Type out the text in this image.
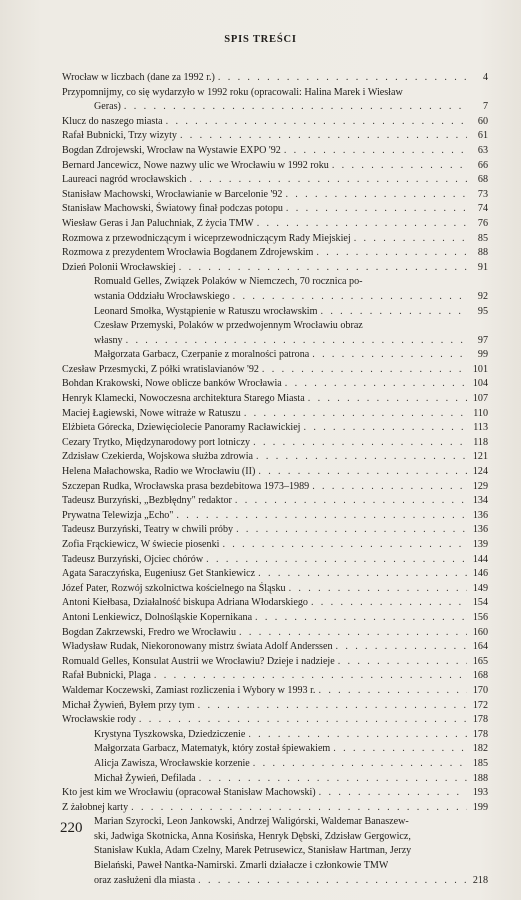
SPIS TREŚCI
Wrocław w liczbach (dane za 1992 r.) . . .	4
Przypomnijmy, co się wydarzyło w 1992 roku (opracowali: Halina Marek i Wiesław
Geras) . . .	7
Klucz do naszego miasta . . .	60
Rafał Bubnicki, Trzy wizyty . . .	61
Bogdan Zdrojewski, Wrocław na Wystawie EXPO '92 . . .	63
Bernard Jancewicz, Nowe nazwy ulic we Wrocławiu w 1992 roku . . .	66
Laureaci nagród wrocławskich . . .	68
Stanisław Machowski, Wrocławianie w Barcelonie '92 . . .	73
Stanisław Machowski, Światowy finał podczas potopu . . .	74
Wiesław Geras i Jan Paluchniak, Z życia TMW . . .	76
Rozmowa z przewodniczącym i wiceprzewodniczącym Rady Miejskiej . . .	85
Rozmowa z prezydentem Wrocławia Bogdanem Zdrojewskim . . .	88
Dzień Polonii Wrocławskiej . . .	91
Romuald Gelles, Związek Polaków w Niemczech, 70 rocznica po-
wstania Oddziału Wrocławskiego . . .	92
Leonard Smołka, Wystąpienie w Ratuszu wrocławskim . . .	95
Czesław Przemyski, Polaków w przedwojennym Wrocławiu obraz
własny . . .	97
Małgorzata Garbacz, Czerpanie z moralności patrona . . .	99
Czesław Przesmycki, Z półki wratislavianów '92 . . .	101
Bohdan Krakowski, Nowe oblicze banków Wrocławia . . .	104
Henryk Klamecki, Nowoczesna architektura Starego Miasta . . .	107
Maciej Łagiewski, Nowe witraże w Ratuszu . . .	110
Elżbieta Górecka, Dziewięciolecie Panoramy Racławickiej . . .	113
Cezary Trytko, Międzynarodowy port lotniczy . . .	118
Zdzisław Czekierda, Wojskowa służba zdrowia . . .	121
Helena Małachowska, Radio we Wrocławiu (II) . . .	124
Szczepan Rudka, Wrocławska prasa bezdebitowa 1973–1989 . . .	129
Tadeusz Burzyński, „Bezbłędny" redaktor . . .	134
Prywatna Telewizja „Echo" . . .	136
Tadeusz Burzyński, Teatry w chwili próby . . .	136
Zofia Frąckiewicz, W świecie piosenki . . .	139
Tadeusz Burzyński, Ojciec chórów . . .	144
Agata Saraczyńska, Eugeniusz Get Stankiewicz . . .	146
Józef Pater, Rozwój szkolnictwa kościelnego na Śląsku . . .	149
Antoni Kiełbasa, Działalność biskupa Adriana Włodarskiego . . .	154
Antoni Lenkiewicz, Dolnośląskie Kopernikana . . .	156
Bogdan Zakrzewski, Fredro we Wrocławiu . . .	160
Władysław Rudak, Niekoronowany mistrz świata Adolf Anderssen . . .	164
Romuald Gelles, Konsulat Austrii we Wrocławiu? Dzieje i nadzieje . . .	165
Rafał Bubnicki, Plaga . . .	168
Waldemar Koczewski, Zamiast rozliczenia i Wybory w 1993 r. . . .	170
Michał Żywień, Byłem przy tym . . .	172
Wrocławskie rody . . .	178
Krystyna Tyszkowska, Dziedziczenie . . .	178
Małgorzata Garbacz, Matematyk, który został śpiewakiem . . .	182
Alicja Zawisza, Wrocławskie korzenie . . .	185
Michał Żywień, Defilada . . .	188
Kto jest kim we Wrocławiu (opracował Stanisław Machowski) . . .	193
Z żałobnej karty . . .	199
Marian Szyrocki, Leon Jankowski, Andrzej Waligórski, Waldemar Banaszew-
ski, Jadwiga Skotnicka, Anna Kosińska, Henryk Dębski, Zdzisław Gergowicz,
Stanisław Kukla, Adam Czelny, Marek Petrusewicz, Stanisław Hartman, Jerzy
Bielański, Paweł Nantka-Namirski. Zmarli działacze i członkowie TMW
oraz zasłużeni dla miasta . . .	218
220
